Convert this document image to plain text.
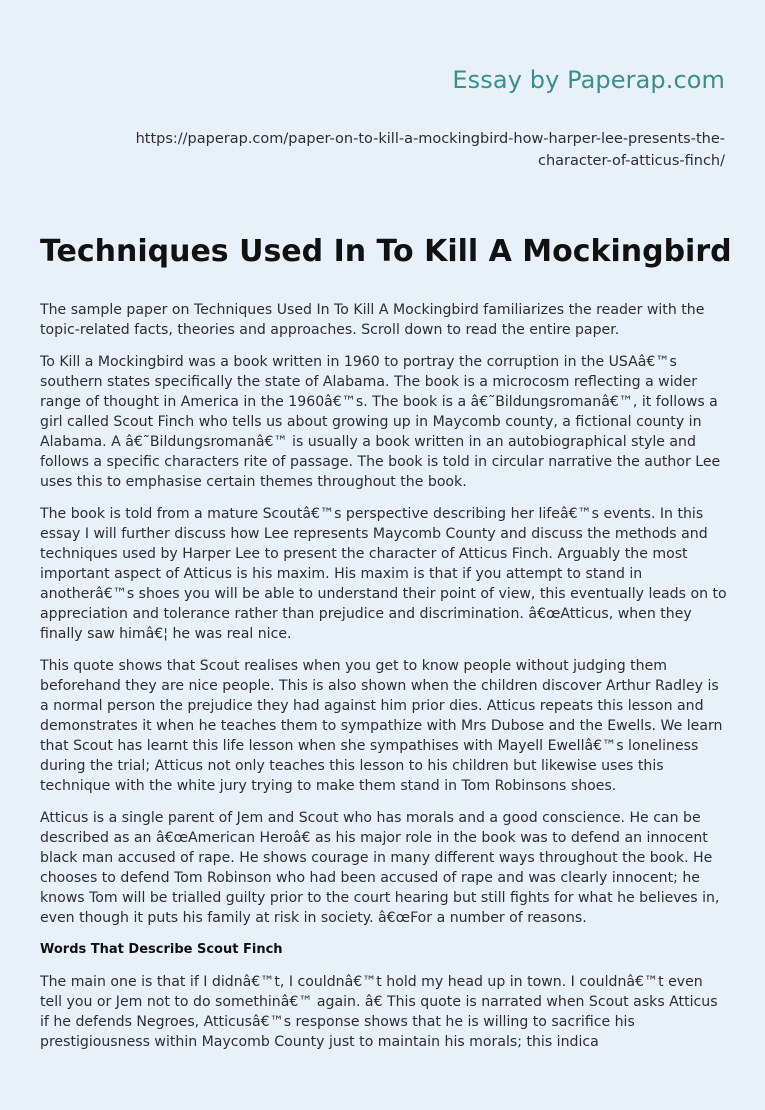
Essay by Paperap.com
https://paperap.com/paper-on-to-kill-a-mockingbird-how-harper-lee-presents-the-character-of-atticus-finch/
Techniques Used In To Kill A Mockingbird

The sample paper on Techniques Used In To Kill A Mockingbird familiarizes the reader with the topic-related facts, theories and approaches. Scroll down to read the entire paper.

To Kill a Mockingbird was a book written in 1960 to portray the corruption in the USAâ€™s southern states specifically the state of Alabama. The book is a microcosm reflecting a wider range of thought in America in the 1960â€™s. The book is a â€˜Bildungsromanâ€™, it follows a girl called Scout Finch who tells us about growing up in Maycomb county, a fictional county in Alabama. A â€˜Bildungsromanâ€™ is usually a book written in an autobiographical style and follows a specific characters rite of passage. The book is told in circular narrative the author Lee uses this to emphasise certain themes throughout the book.

The book is told from a mature Scoutâ€™s perspective describing her lifeâ€™s events. In this essay I will further discuss how Lee represents Maycomb County and discuss the methods and techniques used by Harper Lee to present the character of Atticus Finch. Arguably the most important aspect of Atticus is his maxim. His maxim is that if you attempt to stand in anotherâ€™s shoes you will be able to understand their point of view, this eventually leads on to appreciation and tolerance rather than prejudice and discrimination. â€œAtticus, when they finally saw himâ€¦ he was real nice.

This quote shows that Scout realises when you get to know people without judging them beforehand they are nice people. This is also shown when the children discover Arthur Radley is a normal person the prejudice they had against him prior dies. Atticus repeats this lesson and demonstrates it when he teaches them to sympathize with Mrs Dubose and the Ewells. We learn that Scout has learnt this life lesson when she sympathises with Mayell Ewellâ€™s loneliness during the trial; Atticus not only teaches this lesson to his children but likewise uses this technique with the white jury trying to make them stand in Tom Robinsons shoes.

Atticus is a single parent of Jem and Scout who has morals and a good conscience. He can be described as an â€œAmerican Heroâ€ as his major role in the book was to defend an innocent black man accused of rape. He shows courage in many different ways throughout the book. He chooses to defend Tom Robinson who had been accused of rape and was clearly innocent; he knows Tom will be trialled guilty prior to the court hearing but still fights for what he believes in, even though it puts his family at risk in society. â€œFor a number of reasons.

Words That Describe Scout Finch

The main one is that if I didnâ€™t, I couldnâ€™t hold my head up in town. I couldnâ€™t even tell you or Jem not to do somethinâ€™ again. â€ This quote is narrated when Scout asks Atticus if he defends Negroes, Atticusâ€™s response shows that he is willing to sacrifice his prestigiousness within Maycomb County just to maintain his morals; this indica
